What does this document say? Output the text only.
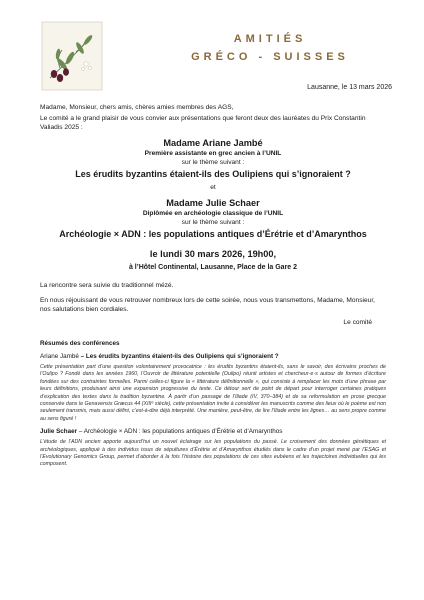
AMITIÉS
GRÉCO - SUISSES
Lausanne, le 13 mars 2026

Madame, Monsieur, chers amis, chères amies membres des AGS,

Le comité a le grand plaisir de vous convier aux présentations que feront deux des lauréates du Prix Constantin Valiadis 2025 :

Madame Ariane Jambé

Première assistante en grec ancien à l’UNIL

sur le thème suivant :

Les érudits byzantins étaient-ils des Oulipiens qui s’ignoraient ?

et

Madame Julie Schaer

Diplômée en archéologie classique de l’UNIL

sur le thème suivant :

Archéologie × ADN : les populations antiques d’Érétrie et d’Amarynthos

le lundi 30 mars 2026, 19h00,

à l’Hôtel Continental, Lausanne, Place de la Gare 2

La rencontre sera suivie du traditionnel mézé.

En nous réjouissant de vous retrouver nombreux lors de cette soirée, nous vous transmettons, Madame, Monsieur, nos salutations bien cordiales.

Le comité

Résumés des conférences

Ariane Jambé – Les érudits byzantins étaient-ils des Oulipiens qui s’ignoraient ?

Cette présentation part d’une question volontairement provocatrice : les érudits byzantins étaient-ils, sans le savoir, des écrivains proches de l’Oulipo ? Fondé dans les années 1960, l’Ouvroir de littérature potentielle (Oulipo) réunit artistes et chercheur·e·s autour de formes d’écriture fondées sur des contraintes formelles. Parmi celles-ci figure la « littérature définitionnelle », qui consiste à remplacer les mots d’une phrase par leurs définitions, produisant ainsi une expansion progressive du texte. Ce détour sert de point de départ pour interroger certaines pratiques d’explication des textes dans la tradition byzantine. À partir d’un passage de l’Iliade (IV, 370–384) et de sa reformulation en prose grecque conservée dans le Genavensis Græcus 44 (XIIIᵉ siècle), cette présentation invite à considérer les manuscrits comme des lieux où le poème est non seulement transmis, mais aussi défini, c’est-à-dire déjà interprété. Une manière, peut-être, de lire l’Iliade entre les lignes… au sens propre comme au sens figuré !

Julie Schaer – Archéologie × ADN : les populations antiques d’Érétrie et d’Amarynthos

L’étude de l’ADN ancien apporte aujourd’hui un nouvel éclairage sur les populations du passé. Le croisement des données génétiques et archéologiques, appliqué à des individus issus de sépultures d’Érétrie et d’Amarynthos étudiés dans le cadre d’un projet mené par l’ESAG et l’Evolutionary Genomics Group, permet d’aborder à la fois l’histoire des populations de ces sites eubéens et les trajectoires individuelles qui les composent.
